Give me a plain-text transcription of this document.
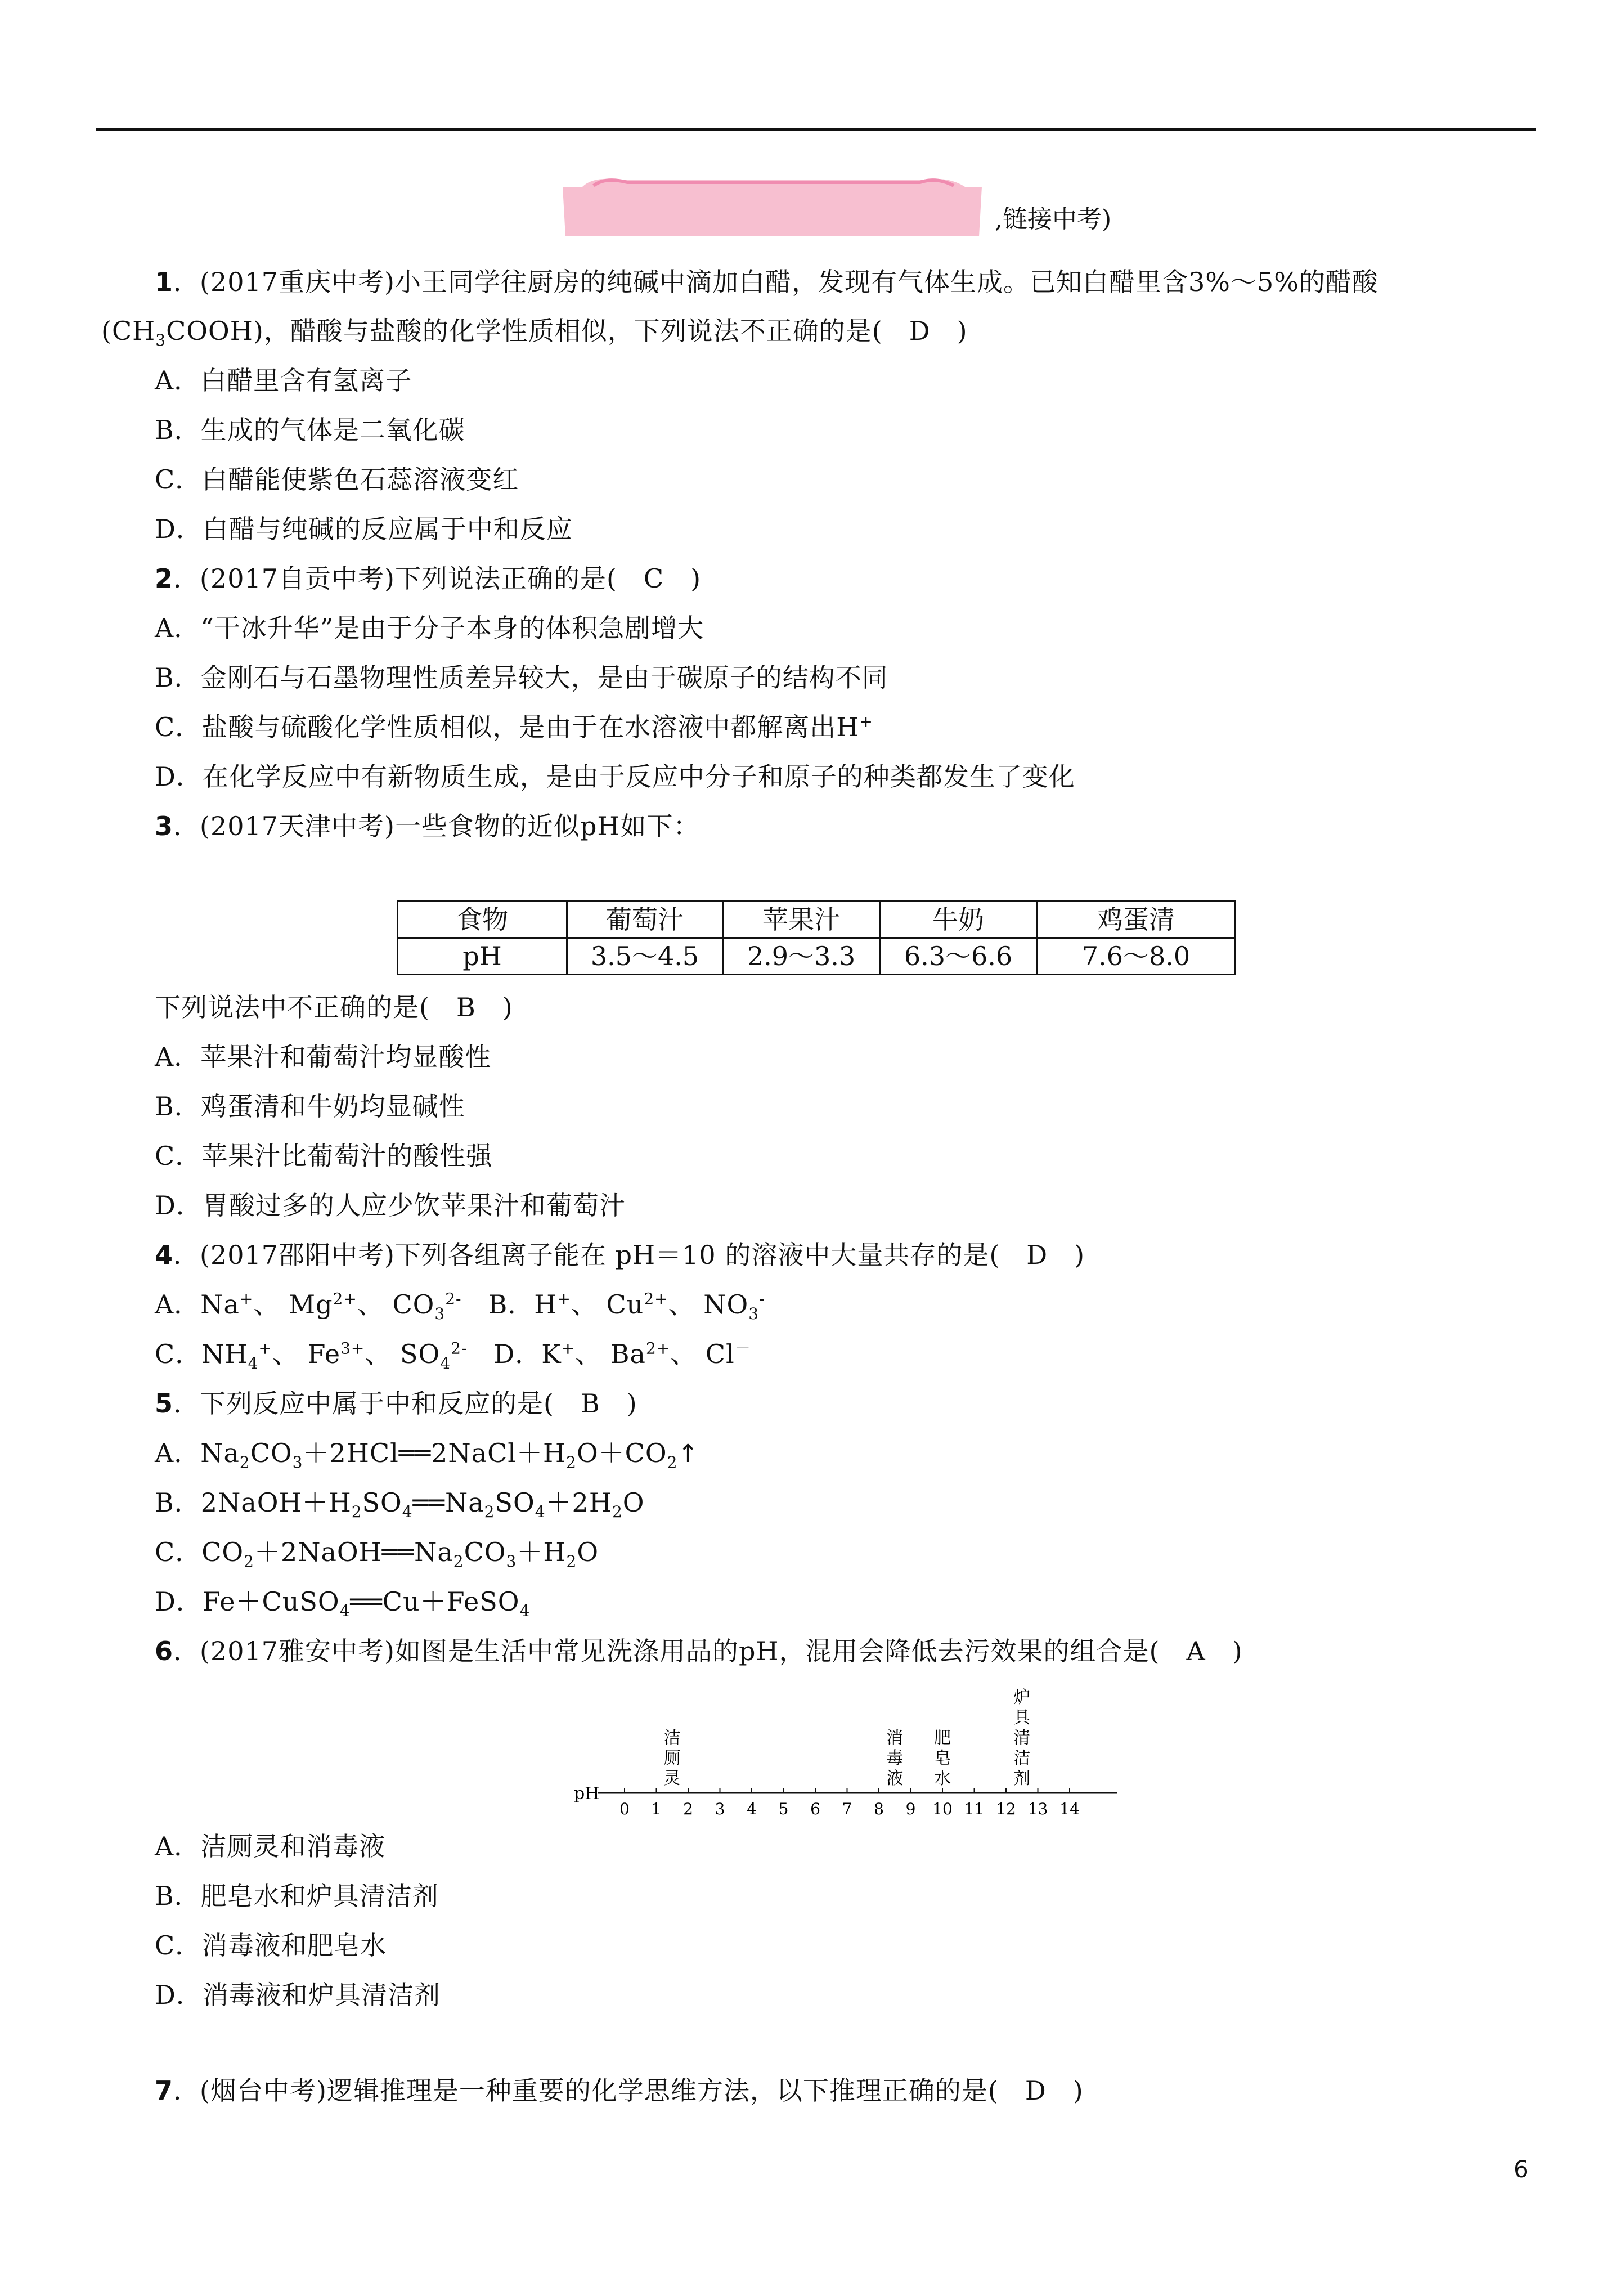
,链接中考)
1．(2017重庆中考)小王同学往厨房的纯碱中滴加白醋，发现有气体生成。已知白醋里含3%～5%的醋酸
$(CH_3COOH)$，醋酸与盐酸的化学性质相似，下列说法不正确的是(　D　)
A．白醋里含有氢离子
B．生成的气体是二氧化碳
C．白醋能使紫色石蕊溶液变红
D．白醋与纯碱的反应属于中和反应
2．(2017自贡中考)下列说法正确的是(　C　)
A．“干冰升华”是由于分子本身的体积急剧增大
B．金刚石与石墨物理性质差异较大，是由于碳原子的结构不同
C．盐酸与硫酸化学性质相似，是由于在水溶液中都解离出H+
D．在化学反应中有新物质生成，是由于反应中分子和原子的种类都发生了变化
3．(2017天津中考)一些食物的近似pH如下：
食物	葡萄汁	苹果汁	牛奶	鸡蛋清
pH	3.5～4.5	2.9～3.3	6.3～6.6	7.6～8.0
下列说法中不正确的是(　B　)
A．苹果汁和葡萄汁均显酸性
B．鸡蛋清和牛奶均显碱性
C．苹果汁比葡萄汁的酸性强
D．胃酸过多的人应少饮苹果汁和葡萄汁
4．(2017邵阳中考)下列各组离子能在 pH＝10 的溶液中大量共存的是(　D　)
A．Na+、 $Mg^{2+}$、 $CO_3^{2-}$　B．H+、 $Cu^{2+}$、 $NO_3^-$
C．$NH_4^+$、 $Fe^{3+}$、 $SO_4^{2-}$　D．K+、 $Ba^{2+}$、 Cl－
5．下列反应中属于中和反应的是(　B　)
A．$Na_2CO_3+2HCl══2NaCl+H_2O+CO_2↑$
B．$2NaOH+H_2SO_4══Na_2SO_4+2H_2O$
C．$CO_2+2NaOH══Na_2CO_3+H_2O$
D．Fe＋CuSO$_4$══Cu＋FeSO$_4$
6．(2017雅安中考)如图是生活中常见洗涤用品的pH，混用会降低去污效果的组合是(　A　)
pH
0 1 2 3 4 5 6 7 8 9 10 11 12 13 14
洁
厕
灵
消
毒
液
肥
皂
水
炉
具
清
洁
剂
A．洁厕灵和消毒液
B．肥皂水和炉具清洁剂
C．消毒液和肥皂水
D．消毒液和炉具清洁剂
7．(烟台中考)逻辑推理是一种重要的化学思维方法，以下推理正确的是(　D　)
6
